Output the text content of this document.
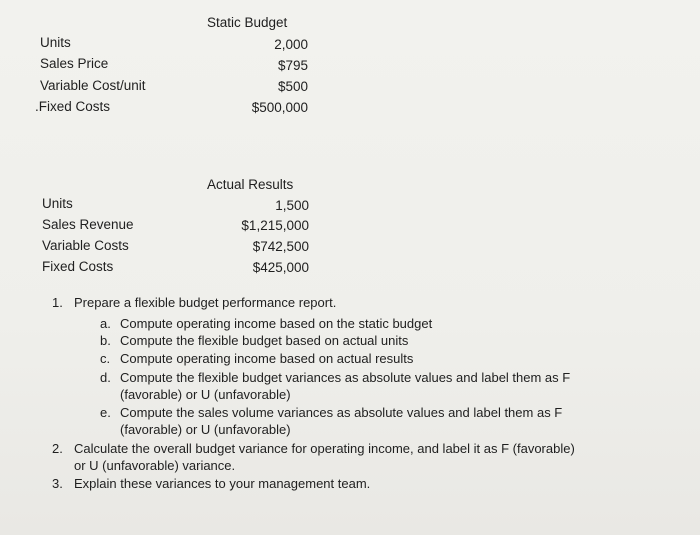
Static Budget
Units	2,000
Sales Price	$795
Variable Cost/unit	$500
.Fixed Costs	$500,000
Actual Results
Units	1,500
Sales Revenue	$1,215,000
Variable Costs	$742,500
Fixed Costs	$425,000
1. Prepare a flexible budget performance report.
a. Compute operating income based on the static budget
b. Compute the flexible budget based on actual units
c. Compute operating income based on actual results
d. Compute the flexible budget variances as absolute values and label them as F
(favorable) or U (unfavorable)
e. Compute the sales volume variances as absolute values and label them as F
(favorable) or U (unfavorable)
2. Calculate the overall budget variance for operating income, and label it as F (favorable)
or U (unfavorable) variance.
3. Explain these variances to your management team.
